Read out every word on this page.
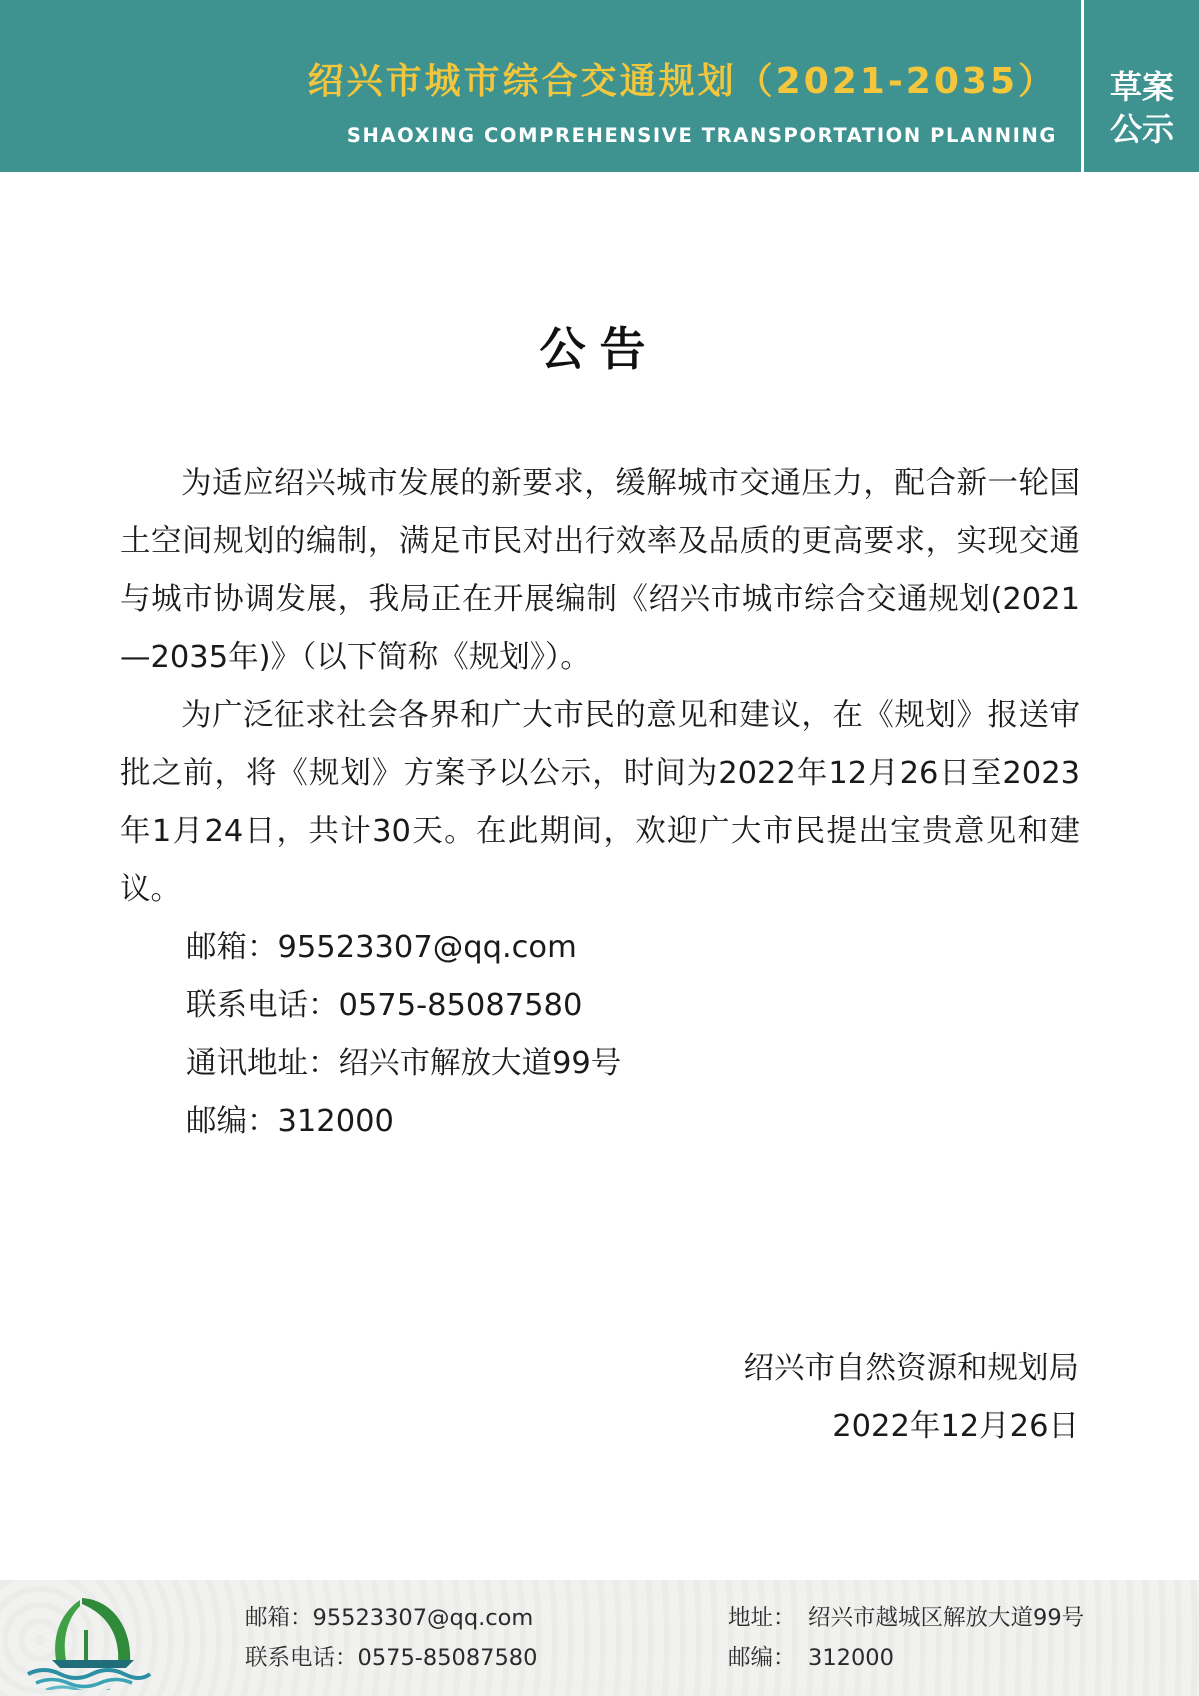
绍兴市城市综合交通规划（2021-2035）
SHAOXING COMPREHENSIVE TRANSPORTATION PLANNING
草案
公示
公告

为适应绍兴城市发展的新要求，缓解城市交通压力，配合新一轮国土空间规划的编制，满足市民对出行效率及品质的更高要求，实现交通与城市协调发展，我局正在开展编制《绍兴市城市综合交通规划(2021—2035年)》（以下简称《规划》）。

为广泛征求社会各界和广大市民的意见和建议，在《规划》报送审批之前，将《规划》方案予以公示，时间为2022年12月26日至2023年1月24日，共计30天。在此期间，欢迎广大市民提出宝贵意见和建议。

邮箱：95523307@qq.com
联系电话：0575-85087580
通讯地址：绍兴市解放大道99号
邮编：312000
绍兴市自然资源和规划局
2022年12月26日
邮箱：95523307@qq.com
联系电话：0575-85087580
地址： 绍兴市越城区解放大道99号
邮编： 312000
